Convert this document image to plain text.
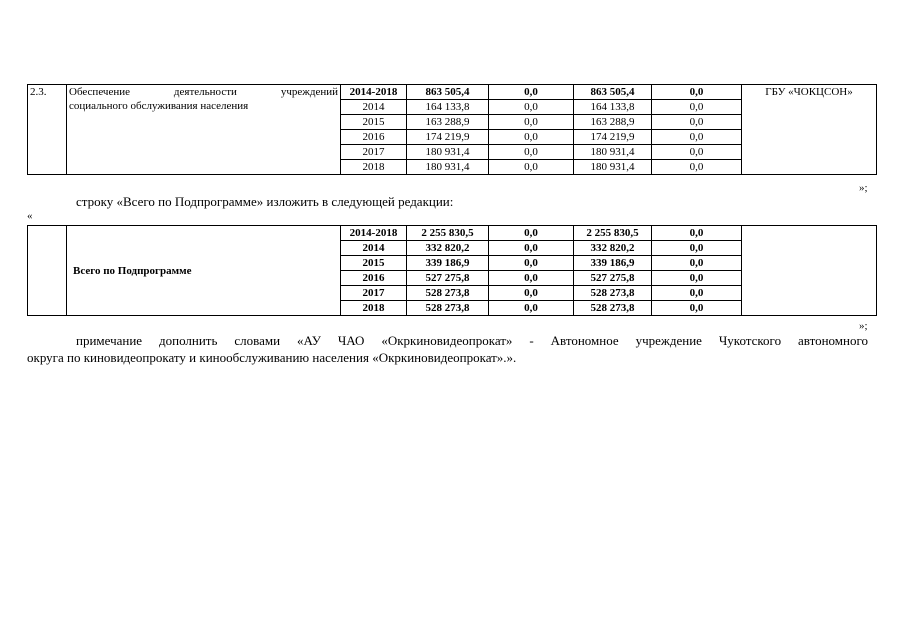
2.3.	Обеспечение деятельности учреждений
социального обслуживания населения	2014-2018	863 505,4	0,0	863 505,4	0,0	ГБУ «ЧОКЦСОН»
		2014	164 133,8	0,0	164 133,8	0,0	
		2015	163 288,9	0,0	163 288,9	0,0	
		2016	174 219,9	0,0	174 219,9	0,0	
		2017	180 931,4	0,0	180 931,4	0,0	
		2018	180 931,4	0,0	180 931,4	0,0	
»;
строку «Всего по Подпрограмме» изложить в следующей редакции:
«
	Всего по Подпрограмме	2014-2018	2 255 830,5	0,0	2 255 830,5	0,0	
		2014	332 820,2	0,0	332 820,2	0,0	
		2015	339 186,9	0,0	339 186,9	0,0	
		2016	527 275,8	0,0	527 275,8	0,0	
		2017	528 273,8	0,0	528 273,8	0,0	
		2018	528 273,8	0,0	528 273,8	0,0	
»;
примечание дополнить словами «АУ ЧАО «Окркиновидеопрокат» - Автономное учреждение Чукотского автономного
округа по киновидеопрокату и кинообслуживанию населения «Окркиновидеопрокат».».
